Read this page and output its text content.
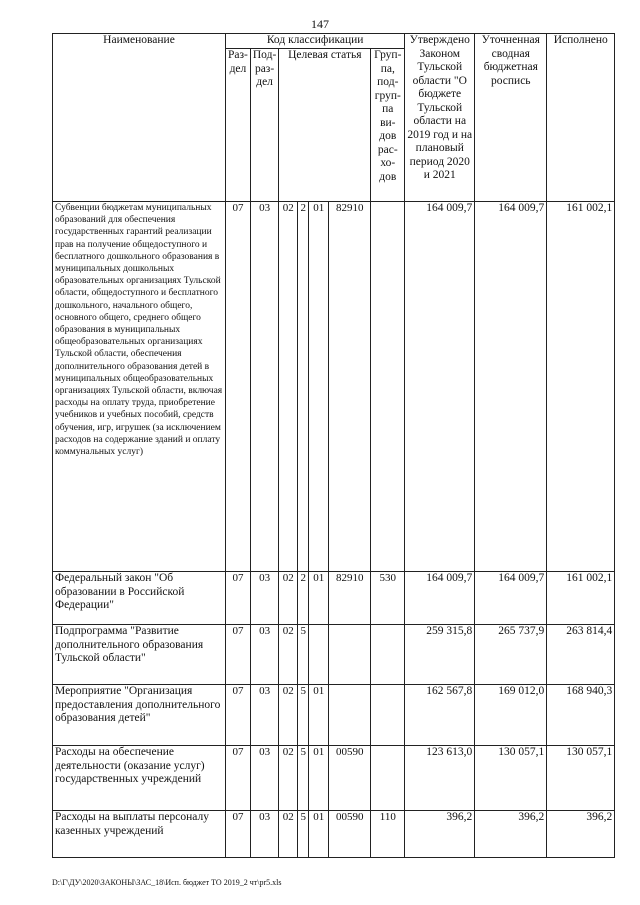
147
Наименование	Код классификации							Утверждено Законом Тульской области "О бюджете Тульской области на 2019 год и на плановый период 2020 и 2021	Уточненная сводная бюджетная роспись	Исполнено
	Раз-дел	Под-раз-дел	Целевая статья				Груп-па, под-груп-па ви-дов рас-хо-дов			
Субвенции бюджетам муниципальных образований для обеспечения государственных гарантий реализации прав на получение общедоступного и бесплатного дошкольного образования в муниципальных дошкольных образовательных организациях Тульской области, общедоступного и бесплатного дошкольного, начального общего, основного общего, среднего общего образования в муниципальных общеобразовательных организациях Тульской области, обеспечения дополнительного образования детей в муниципальных общеобразовательных организациях Тульской области, включая расходы на оплату труда, приобретение учебников и учебных пособий, средств обучения, игр, игрушек (за исключением расходов на содержание зданий и оплату коммунальных услуг)	07	03	02	2	01	82910		164 009,7	164 009,7	161 002,1
Федеральный закон "Об образовании в Российской Федерации"	07	03	02	2	01	82910	530	164 009,7	164 009,7	161 002,1
Подпрограмма "Развитие дополнительного образования Тульской области"	07	03	02	5				259 315,8	265 737,9	263 814,4
Мероприятие "Организация предоставления дополнительного образования детей"	07	03	02	5	01			162 567,8	169 012,0	168 940,3
Расходы на обеспечение деятельности (оказание услуг) государственных учреждений	07	03	02	5	01	00590		123 613,0	130 057,1	130 057,1
Расходы на выплаты персоналу казенных учреждений	07	03	02	5	01	00590	110	396,2	396,2	396,2
D:\Г\ДУ\2020\ЗАКОНЫ\ЗАС_18\Исп. бюджет ТО 2019_2 чт\pr5.xls
